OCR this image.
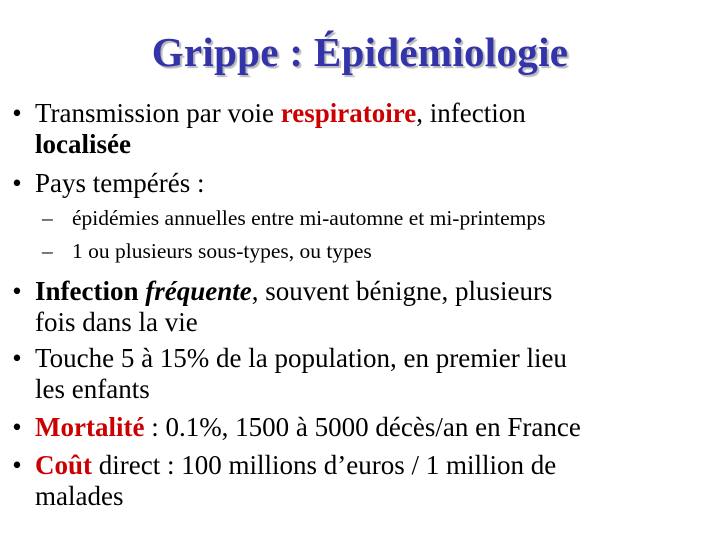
Grippe : Épidémiologie
• Transmission par voie respiratoire, infection
localisée
• Pays tempérés :
– épidémies annuelles entre mi-automne et mi-printemps
– 1 ou plusieurs sous-types, ou types
• Infection fréquente, souvent bénigne, plusieurs
fois dans la vie
• Touche 5 à 15% de la population, en premier lieu
les enfants
• Mortalité : 0.1%, 1500 à 5000 décès/an en France
• Coût direct : 100 millions d’euros / 1 million de
malades
